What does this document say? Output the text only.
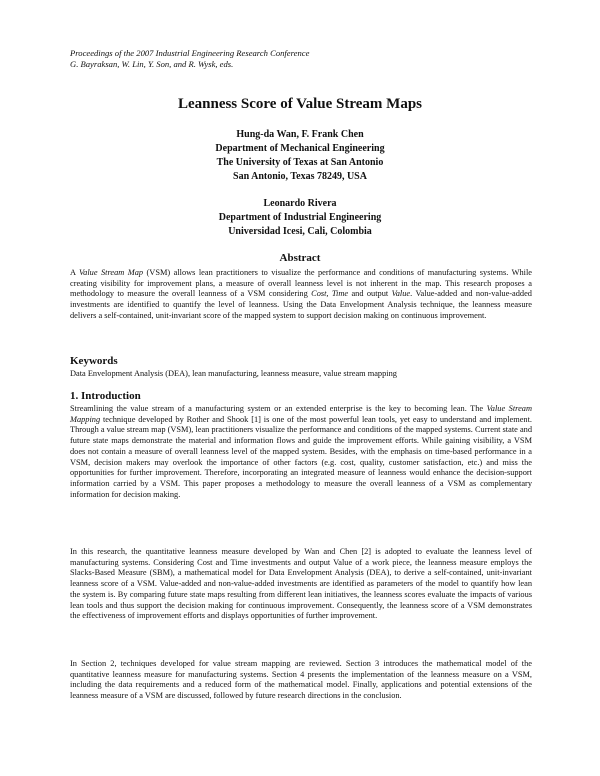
Proceedings of the 2007 Industrial Engineering Research Conference
G. Bayraksan, W. Lin, Y. Son, and R. Wysk, eds.
Leanness Score of Value Stream Maps
Hung-da Wan, F. Frank Chen
Department of Mechanical Engineering
The University of Texas at San Antonio
San Antonio, Texas 78249, USA
Leonardo Rivera
Department of Industrial Engineering
Universidad Icesi, Cali, Colombia
Abstract

A Value Stream Map (VSM) allows lean practitioners to visualize the performance and conditions of manufacturing systems. While creating visibility for improvement plans, a measure of overall leanness level is not inherent in the map. This research proposes a methodology to measure the overall leanness of a VSM considering Cost, Time and output Value. Value-added and non-value-added investments are identified to quantify the level of leanness. Using the Data Envelopment Analysis technique, the leanness measure delivers a self-contained, unit-invariant score of the mapped system to support decision making on continuous improvement.

Keywords

Data Envelopment Analysis (DEA), lean manufacturing, leanness measure, value stream mapping

1. Introduction

Streamlining the value stream of a manufacturing system or an extended enterprise is the key to becoming lean. The Value Stream Mapping technique developed by Rother and Shook [1] is one of the most powerful lean tools, yet easy to understand and implement. Through a value stream map (VSM), lean practitioners visualize the performance and conditions of the mapped systems. Current state and future state maps demonstrate the material and information flows and guide the improvement efforts. While gaining visibility, a VSM does not contain a measure of overall leanness level of the mapped system. Besides, with the emphasis on time-based performance in a VSM, decision makers may overlook the importance of other factors (e.g. cost, quality, customer satisfaction, etc.) and miss the opportunities for further improvement. Therefore, incorporating an integrated measure of leanness would enhance the decision-support information carried by a VSM. This paper proposes a methodology to measure the overall leanness of a VSM as complementary information for decision making.

In this research, the quantitative leanness measure developed by Wan and Chen [2] is adopted to evaluate the leanness level of manufacturing systems. Considering Cost and Time investments and output Value of a work piece, the leanness measure employs the Slacks-Based Measure (SBM), a mathematical model for Data Envelopment Analysis (DEA), to derive a self-contained, unit-invariant leanness score of a VSM. Value-added and non-value-added investments are identified as parameters of the model to quantify how lean the system is. By comparing future state maps resulting from different lean initiatives, the leanness scores evaluate the impacts of various lean tools and thus support the decision making for continuous improvement. Consequently, the leanness score of a VSM demonstrates the effectiveness of improvement efforts and displays opportunities of further improvement.

In Section 2, techniques developed for value stream mapping are reviewed. Section 3 introduces the mathematical model of the quantitative leanness measure for manufacturing systems. Section 4 presents the implementation of the leanness measure on a VSM, including the data requirements and a reduced form of the mathematical model. Finally, applications and potential extensions of the leanness measure of a VSM are discussed, followed by future research directions in the conclusion.
